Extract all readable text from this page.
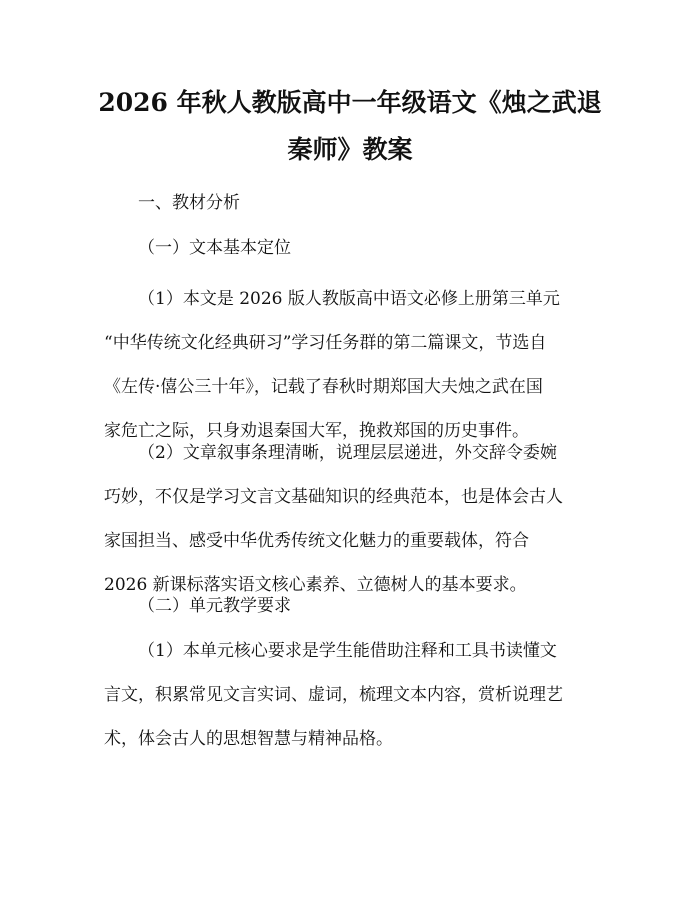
2026 年秋人教版高中一年级语文《烛之武退
秦师》教案
一、教材分析
（一）文本基本定位
（1）本文是 2026 版人教版高中语文必修上册第三单元
“中华传统文化经典研习”学习任务群的第二篇课文，节选自
《左传·僖公三十年》，记载了春秋时期郑国大夫烛之武在国
家危亡之际，只身劝退秦国大军，挽救郑国的历史事件。
（2）文章叙事条理清晰，说理层层递进，外交辞令委婉
巧妙，不仅是学习文言文基础知识的经典范本，也是体会古人
家国担当、感受中华优秀传统文化魅力的重要载体，符合
2026 新课标落实语文核心素养、立德树人的基本要求。
（二）单元教学要求
（1）本单元核心要求是学生能借助注释和工具书读懂文
言文，积累常见文言实词、虚词，梳理文本内容，赏析说理艺
术，体会古人的思想智慧与精神品格。
